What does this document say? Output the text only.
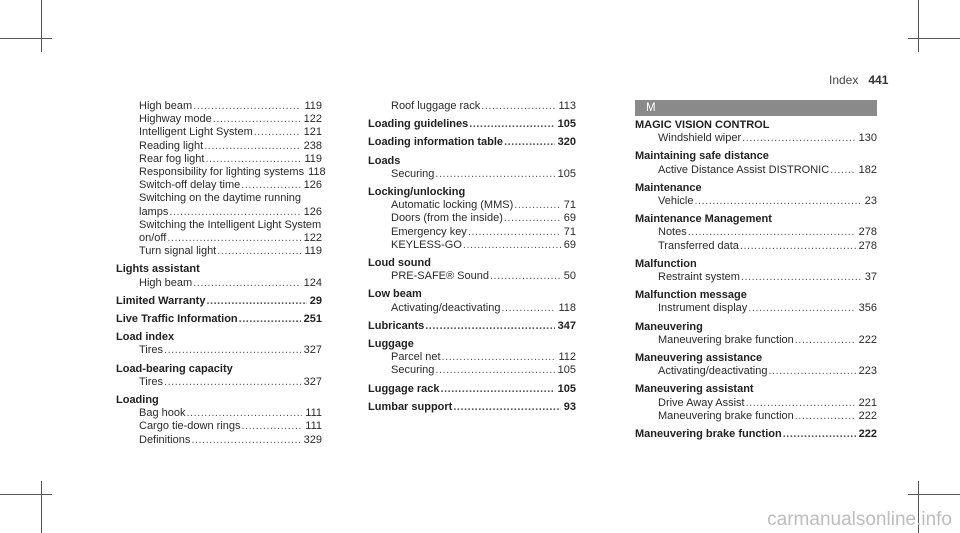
Index 441
High beam .....	119
Highway mode .....	122
Intelligent Light System .....	121
Reading light .....	238
Rear fog light .....	119
Responsibility for lighting systems 118
Switch-off delay time .....	126
Switching on the daytime running
lamps .....	126
Switching the Intelligent Light System
on/off .....	122
Turn signal light .....	119
Lights assistant
High beam .....	124
Limited Warranty .....	29
Live Traffic Information .....	251
Load index
Tires .....	327
Load-bearing capacity
Tires .....	327
Loading
Bag hook .....	111
Cargo tie-down rings .....	111
Definitions .....	329
Roof luggage rack .....	113
Loading guidelines .....	105
Loading information table .....	320
Loads
Securing .....	105
Locking/unlocking
Automatic locking (MMS) .....	71
Doors (from the inside) .....	69
Emergency key .....	71
KEYLESS-GO .....	69
Loud sound
PRE-SAFE® Sound .....	50
Low beam
Activating/deactivating .....	118
Lubricants .....	347
Luggage
Parcel net .....	112
Securing .....	105
Luggage rack .....	105
Lumbar support .....	93
M
MAGIC VISION CONTROL
Windshield wiper .....	130
Maintaining safe distance
Active Distance Assist DISTRONIC .....	182
Maintenance
Vehicle .....	23
Maintenance Management
Notes .....	278
Transferred data .....	278
Malfunction
Restraint system .....	37
Malfunction message
Instrument display .....	356
Maneuvering
Maneuvering brake function .....	222
Maneuvering assistance
Activating/deactivating .....	223
Maneuvering assistant
Drive Away Assist .....	221
Maneuvering brake function .....	222
Maneuvering brake function .....	222
carmanualsonline.info
